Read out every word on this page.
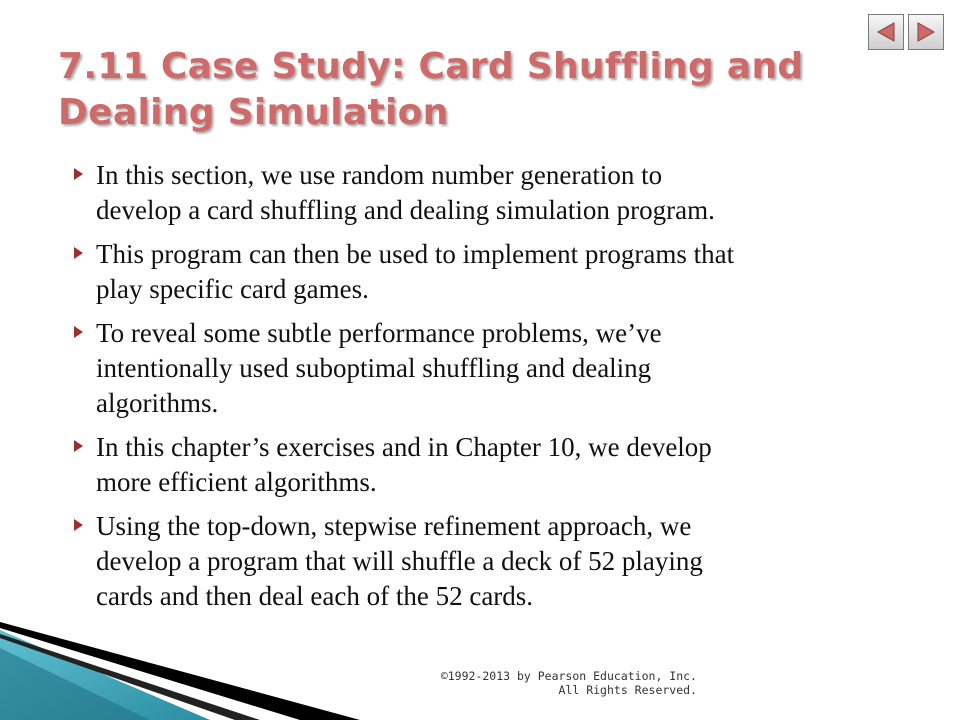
7.11 Case Study: Card Shuffling and
Dealing Simulation
In this section, we use random number generation to
develop a card shuffling and dealing simulation program.
This program can then be used to implement programs that
play specific card games.
To reveal some subtle performance problems, we’ve
intentionally used suboptimal shuffling and dealing
algorithms.
In this chapter’s exercises and in Chapter 10, we develop
more efficient algorithms.
Using the top-down, stepwise refinement approach, we
develop a program that will shuffle a deck of 52 playing
cards and then deal each of the 52 cards.
©1992-2013 by Pearson Education, Inc.
All Rights Reserved.
